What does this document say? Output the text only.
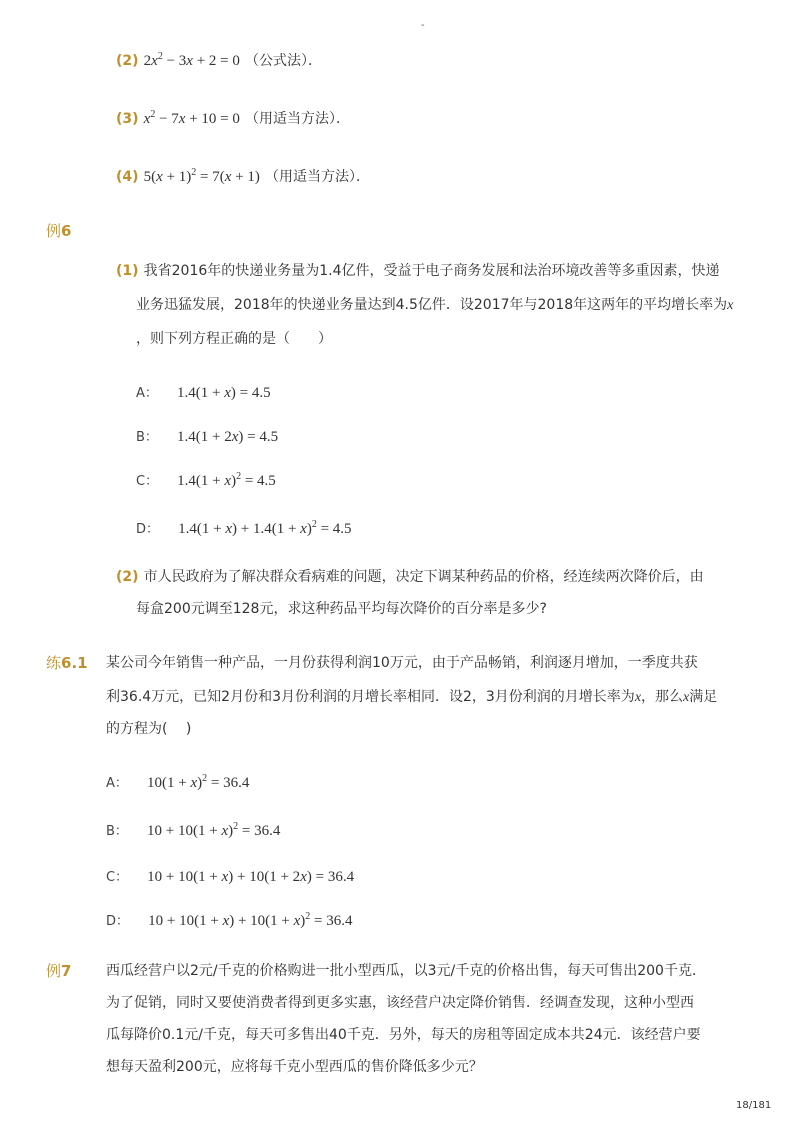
-
(2) $2x^2 - 3x + 2 = 0$ （公式法）．
(3) $x^2 - 7x + 10 = 0$ （用适当方法）．
(4) $5(x + 1)^2 = 7(x + 1)$ （用适当方法）．
例6
(1) 我省2016年的快递业务量为1.4亿件，受益于电子商务发展和法治环境改善等多重因素，快递
业务迅猛发展，2018年的快递业务量达到4.5亿件．设2017年与2018年这两年的平均增长率为x
，则下列方程正确的是（　　）
A： 1.4(1 + x) = 4.5
B： 1.4(1 + 2x) = 4.5
C： $1.4(1 + x)^2 = 4.5$
D： $1.4(1 + x) + 1.4(1 + x)^2 = 4.5$
(2) 市人民政府为了解决群众看病难的问题，决定下调某种药品的价格，经连续两次降价后，由
每盒200元调至128元，求这种药品平均每次降价的百分率是多少?
练6.1 某公司今年销售一种产品，一月份获得利润10万元，由于产品畅销，利润逐月增加，一季度共获
利36.4万元，已知2月份和3月份利润的月增长率相同．设2，3月份利润的月增长率为x，那么x满足
的方程为(　 )
A： $10(1 + x)^2 = 36.4$
B： $10 + 10(1 + x)^2 = 36.4$
C： 10 + 10(1 + x) + 10(1 + 2x) = 36.4
D： $10 + 10(1 + x) + 10(1 + x)^2 = 36.4$
例7 西瓜经营户以2元/千克的价格购进一批小型西瓜，以3元/千克的价格出售，每天可售出200千克．
为了促销，同时又要使消费者得到更多实惠，该经营户决定降价销售．经调查发现，这种小型西
瓜每降价0.1元/千克，每天可多售出40千克．另外，每天的房租等固定成本共24元．该经营户要
想每天盈利200元，应将每千克小型西瓜的售价降低多少元？
18/181
